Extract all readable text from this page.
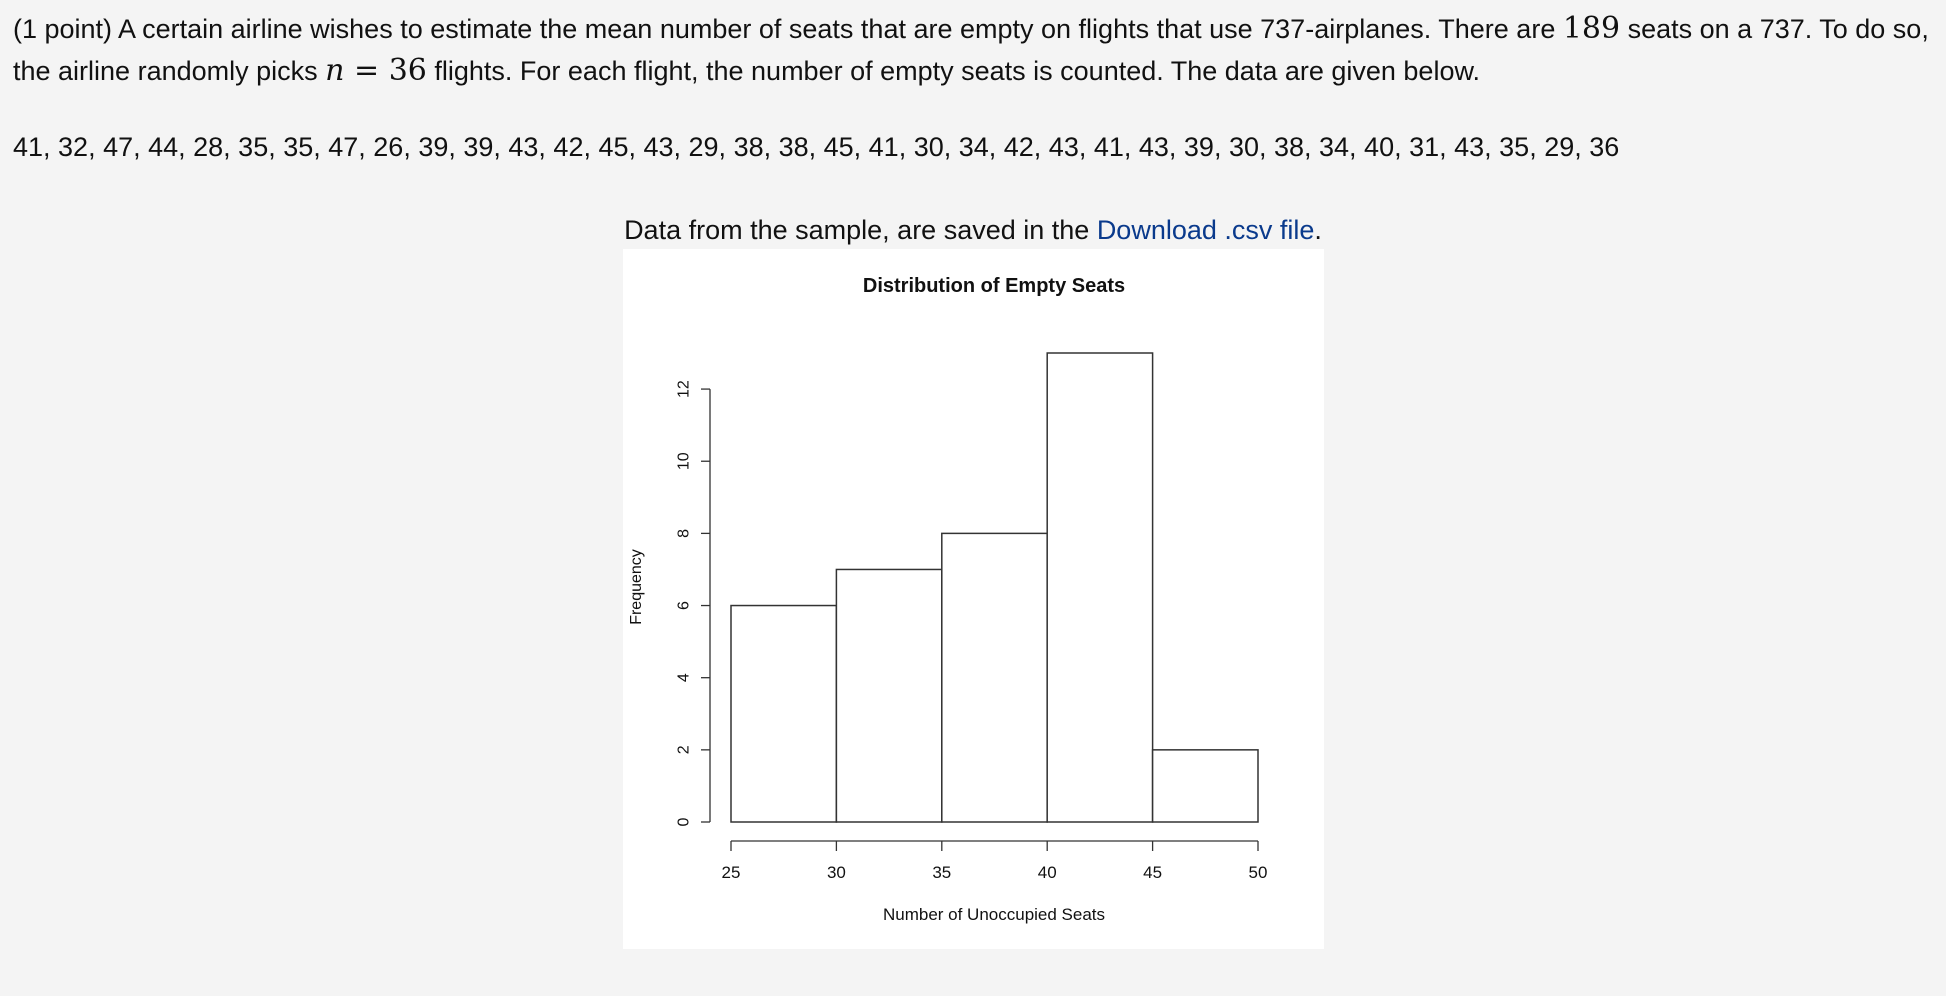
(1 point) A certain airline wishes to estimate the mean number of seats that are empty on flights that use 737-airplanes. There are 189 seats on a 737. To do so, the airline randomly picks n = 36 flights. For each flight, the number of empty seats is counted. The data are given below.
41, 32, 47, 44, 28, 35, 35, 47, 26, 39, 39, 43, 42, 45, 43, 29, 38, 38, 45, 41, 30, 34, 42, 43, 41, 43, 39, 30, 38, 34, 40, 31, 43, 35, 29, 36
Data from the sample, are saved in the Download .csv file.
Distribution of Empty Seats
Frequency
Number of Unoccupied Seats
0
2
4
6
8
10
12
25	30	35	40	45	50
